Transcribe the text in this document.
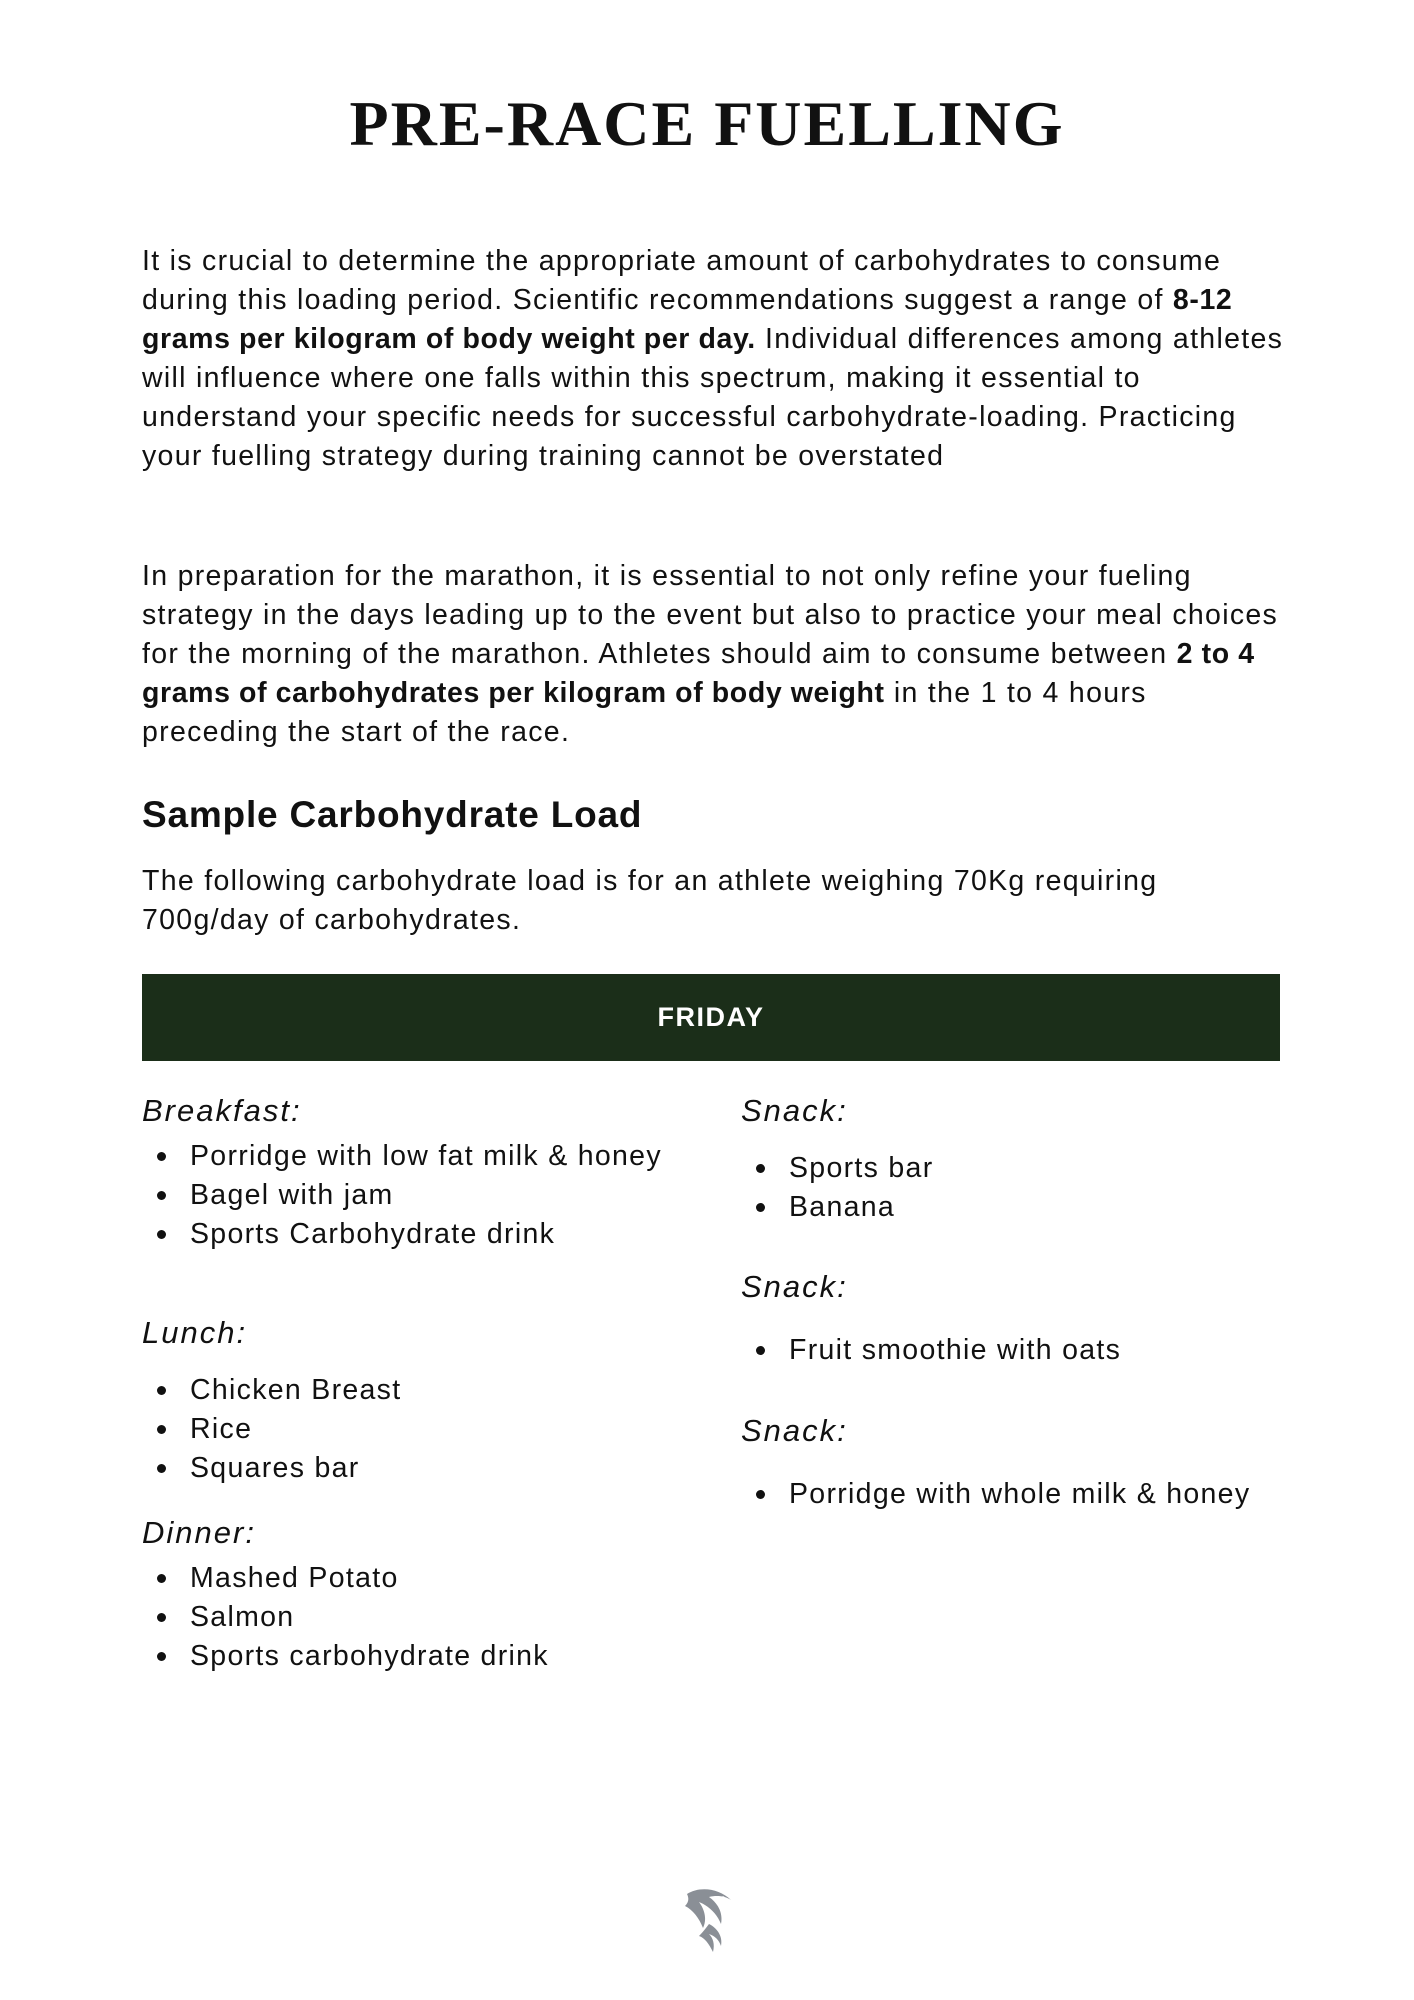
PRE-RACE FUELLING

It is crucial to determine the appropriate amount of carbohydrates to consume during this loading period. Scientific recommendations suggest a range of 8-12 grams per kilogram of body weight per day. Individual differences among athletes will influence where one falls within this spectrum, making it essential to understand your specific needs for successful carbohydrate-loading. Practicing your fuelling strategy during training cannot be overstated

In preparation for the marathon, it is essential to not only refine your fueling strategy in the days leading up to the event but also to practice your meal choices for the morning of the marathon. Athletes should aim to consume between 2 to 4 grams of carbohydrates per kilogram of body weight in the 1 to 4 hours preceding the start of the race.

Sample Carbohydrate Load

The following carbohydrate load is for an athlete weighing 70Kg requiring 700g/day of carbohydrates.

FRIDAY

Breakfast:

Porridge with low fat milk & honey
Bagel with jam
Sports Carbohydrate drink

Lunch:

Chicken Breast
Rice
Squares bar

Dinner:

Mashed Potato
Salmon
Sports carbohydrate drink

Snack:

Sports bar
Banana

Snack:

Fruit smoothie with oats

Snack:

Porridge with whole milk & honey
